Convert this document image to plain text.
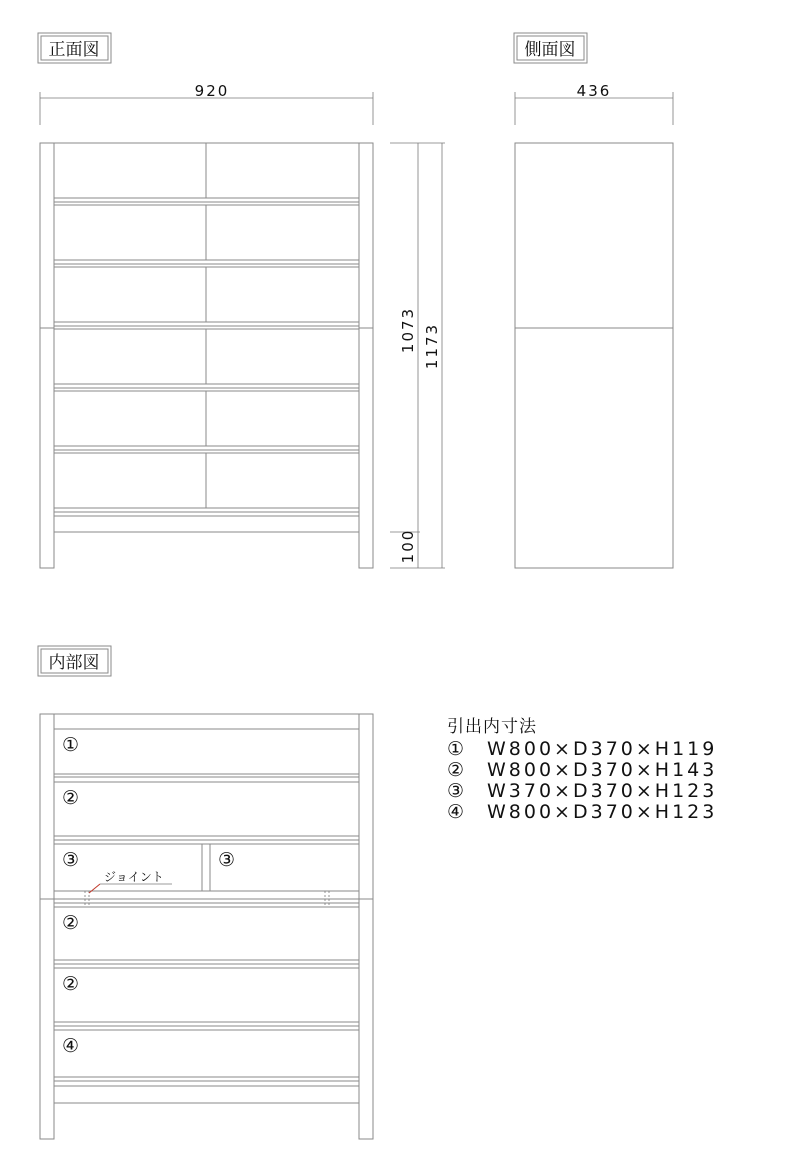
正面図
920
1073 1173
100
側面図
436
内部図
ジョイント
①
②
③	③
②
②
④
引出内寸法
① W800×D370×H119
② W800×D370×H143
③ W370×D370×H123
④ W800×D370×H123
